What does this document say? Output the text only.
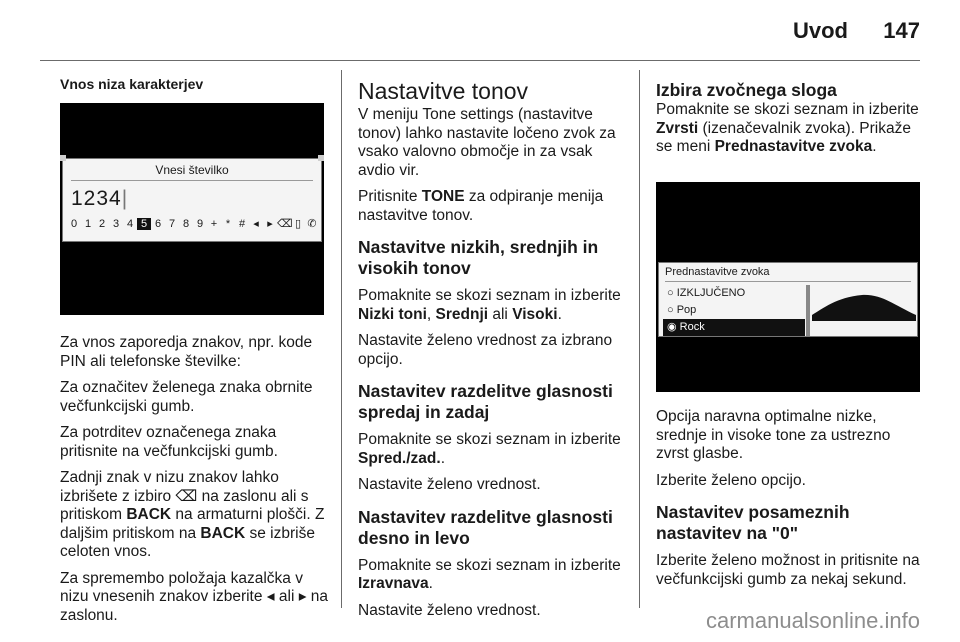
Uvod 147

Vnos niza karakterjev

Vnesi številko
1234|
0 1 2 3 4 5 6 7 8 9 + * # ◂ ▸ ⌫ ▯ ✆

Za vnos zaporedja znakov, npr. kode PIN ali telefonske številke:

Za označitev želenega znaka obrnite večfunkcijski gumb.

Za potrditev označenega znaka pritisnite na večfunkcijski gumb.

Zadnji znak v nizu znakov lahko izbrišete z izbiro ⌫ na zaslonu ali s pritiskom BACK na armaturni plošči. Z daljšim pritiskom na BACK se izbriše celoten vnos.

Za spremembo položaja kazalčka v nizu vnesenih znakov izberite ◂ ali ▸ na zaslonu.

Nastavitve tonov

V meniju Tone settings (nastavitve tonov) lahko nastavite ločeno zvok za vsako valovno območje in za vsak avdio vir.

Pritisnite TONE za odpiranje menija nastavitve tonov.

Nastavitve nizkih, srednjih in visokih tonov

Pomaknite se skozi seznam in izberite Nizki toni, Srednji ali Visoki.

Nastavite želeno vrednost za izbrano opcijo.

Nastavitev razdelitve glasnosti spredaj in zadaj

Pomaknite se skozi seznam in izberite Spred./zad..

Nastavite želeno vrednost.

Nastavitev razdelitve glasnosti desno in levo

Pomaknite se skozi seznam in izberite Izravnava.

Nastavite želeno vrednost.

Izbira zvočnega sloga

Pomaknite se skozi seznam in izberite Zvrsti (izenačevalnik zvoka). Prikaže se meni Prednastavitve zvoka.

Prednastavitve zvoka
○ IZKLJUČENO
○ Pop
◉ Rock

Opcija naravna optimalne nizke, srednje in visoke tone za ustrezno zvrst glasbe.

Izberite želeno opcijo.

Nastavitev posameznih nastavitev na "0"

Izberite želeno možnost in pritisnite na večfunkcijski gumb za nekaj sekund.

carmanualsonline.info
